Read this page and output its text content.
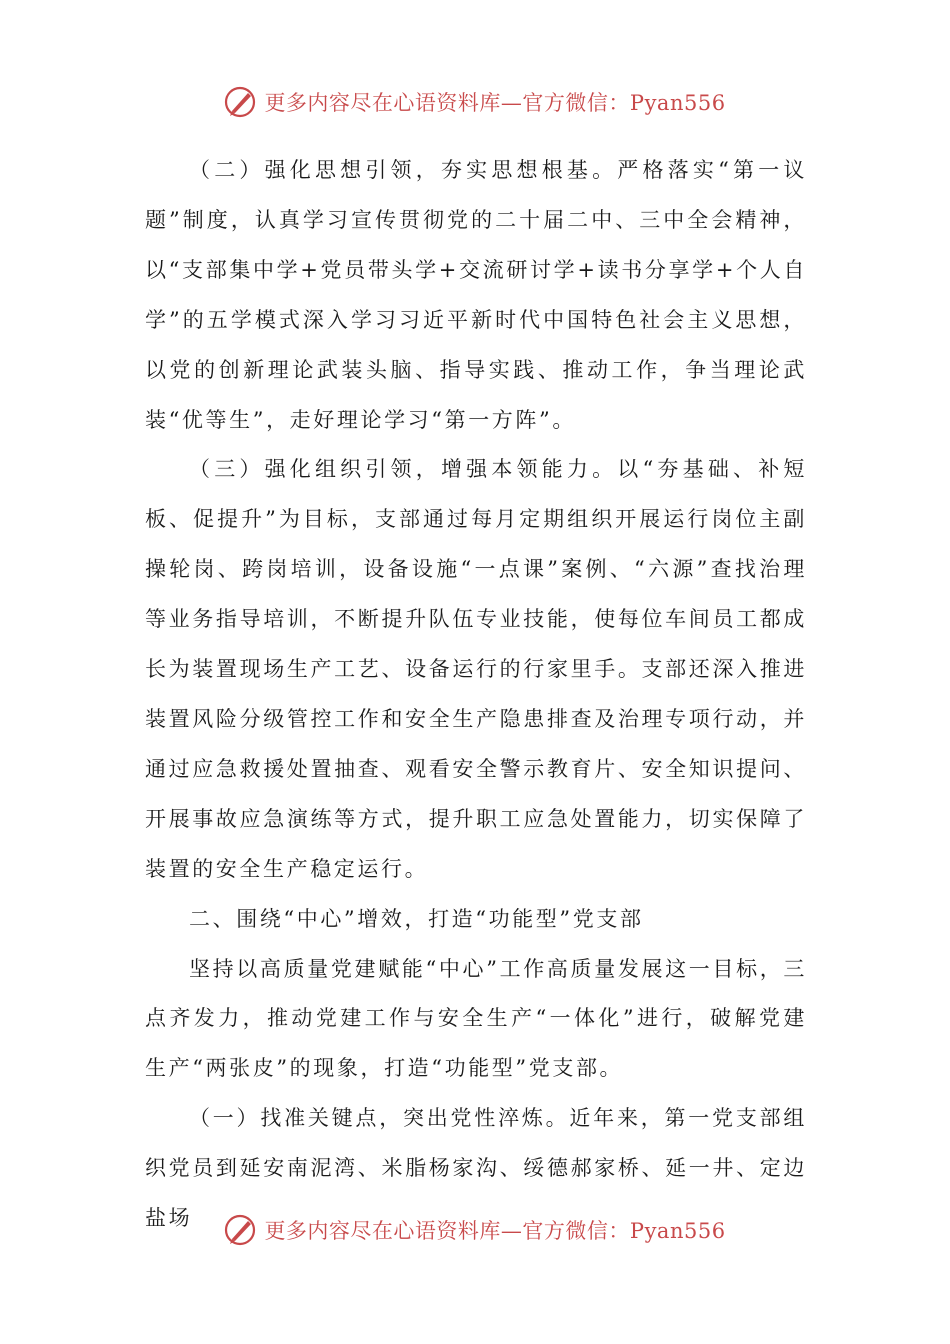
更多内容尽在心语资料库—官方微信：Pyan556

（二）强化思想引领，夯实思想根基。严格落实“第一议题”制度，认真学习宣传贯彻党的二十届二中、三中全会精神，以“支部集中学+党员带头学+交流研讨学+读书分享学+个人自学”的五学模式深入学习习近平新时代中国特色社会主义思想，以党的创新理论武装头脑、指导实践、推动工作，争当理论武装“优等生”，走好理论学习“第一方阵”。

（三）强化组织引领，增强本领能力。以“夯基础、补短板、促提升”为目标，支部通过每月定期组织开展运行岗位主副操轮岗、跨岗培训，设备设施“一点课”案例、“六源”查找治理等业务指导培训，不断提升队伍专业技能，使每位车间员工都成长为装置现场生产工艺、设备运行的行家里手。支部还深入推进装置风险分级管控工作和安全生产隐患排查及治理专项行动，并通过应急救援处置抽查、观看安全警示教育片、安全知识提问、开展事故应急演练等方式，提升职工应急处置能力，切实保障了装置的安全生产稳定运行。

二、围绕“中心”增效，打造“功能型”党支部

坚持以高质量党建赋能“中心”工作高质量发展这一目标，三点齐发力，推动党建工作与安全生产“一体化”进行，破解党建生产“两张皮”的现象，打造“功能型”党支部。

（一）找准关键点，突出党性淬炼。近年来，第一党支部组织党员到延安南泥湾、米脂杨家沟、绥德郝家桥、延一井、定边盐场

更多内容尽在心语资料库—官方微信：Pyan556
